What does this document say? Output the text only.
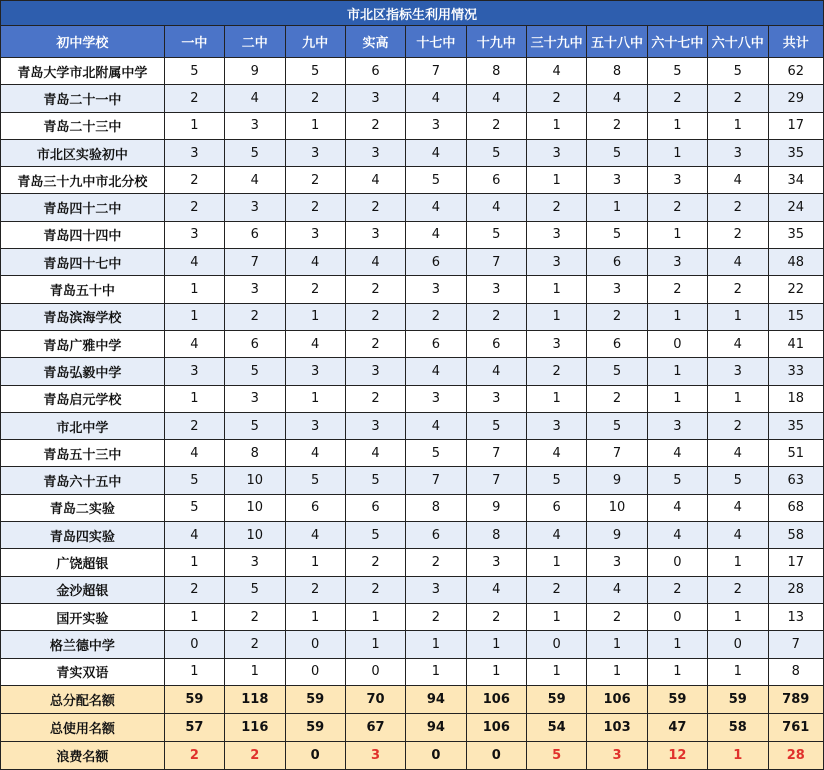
市北区指标生利用情况											
初中学校	一中	二中	九中	实高	十七中	十九中	三十九中	五十八中	六十七中	六十八中	共计
青岛大学市北附属中学	5	9	5	6	7	8	4	8	5	5	62
青岛二十一中	2	4	2	3	4	4	2	4	2	2	29
青岛二十三中	1	3	1	2	3	2	1	2	1	1	17
市北区实验初中	3	5	3	3	4	5	3	5	1	3	35
青岛三十九中市北分校	2	4	2	4	5	6	1	3	3	4	34
青岛四十二中	2	3	2	2	4	4	2	1	2	2	24
青岛四十四中	3	6	3	3	4	5	3	5	1	2	35
青岛四十七中	4	7	4	4	6	7	3	6	3	4	48
青岛五十中	1	3	2	2	3	3	1	3	2	2	22
青岛滨海学校	1	2	1	2	2	2	1	2	1	1	15
青岛广雅中学	4	6	4	2	6	6	3	6	0	4	41
青岛弘毅中学	3	5	3	3	4	4	2	5	1	3	33
青岛启元学校	1	3	1	2	3	3	1	2	1	1	18
市北中学	2	5	3	3	4	5	3	5	3	2	35
青岛五十三中	4	8	4	4	5	7	4	7	4	4	51
青岛六十五中	5	10	5	5	7	7	5	9	5	5	63
青岛二实验	5	10	6	6	8	9	6	10	4	4	68
青岛四实验	4	10	4	5	6	8	4	9	4	4	58
广饶超银	1	3	1	2	2	3	1	3	0	1	17
金沙超银	2	5	2	2	3	4	2	4	2	2	28
国开实验	1	2	1	1	2	2	1	2	0	1	13
格兰德中学	0	2	0	1	1	1	0	1	1	0	7
青实双语	1	1	0	0	1	1	1	1	1	1	8
总分配名额	59	118	59	70	94	106	59	106	59	59	789
总使用名额	57	116	59	67	94	106	54	103	47	58	761
浪费名额	2	2	0	3	0	0	5	3	12	1	28
